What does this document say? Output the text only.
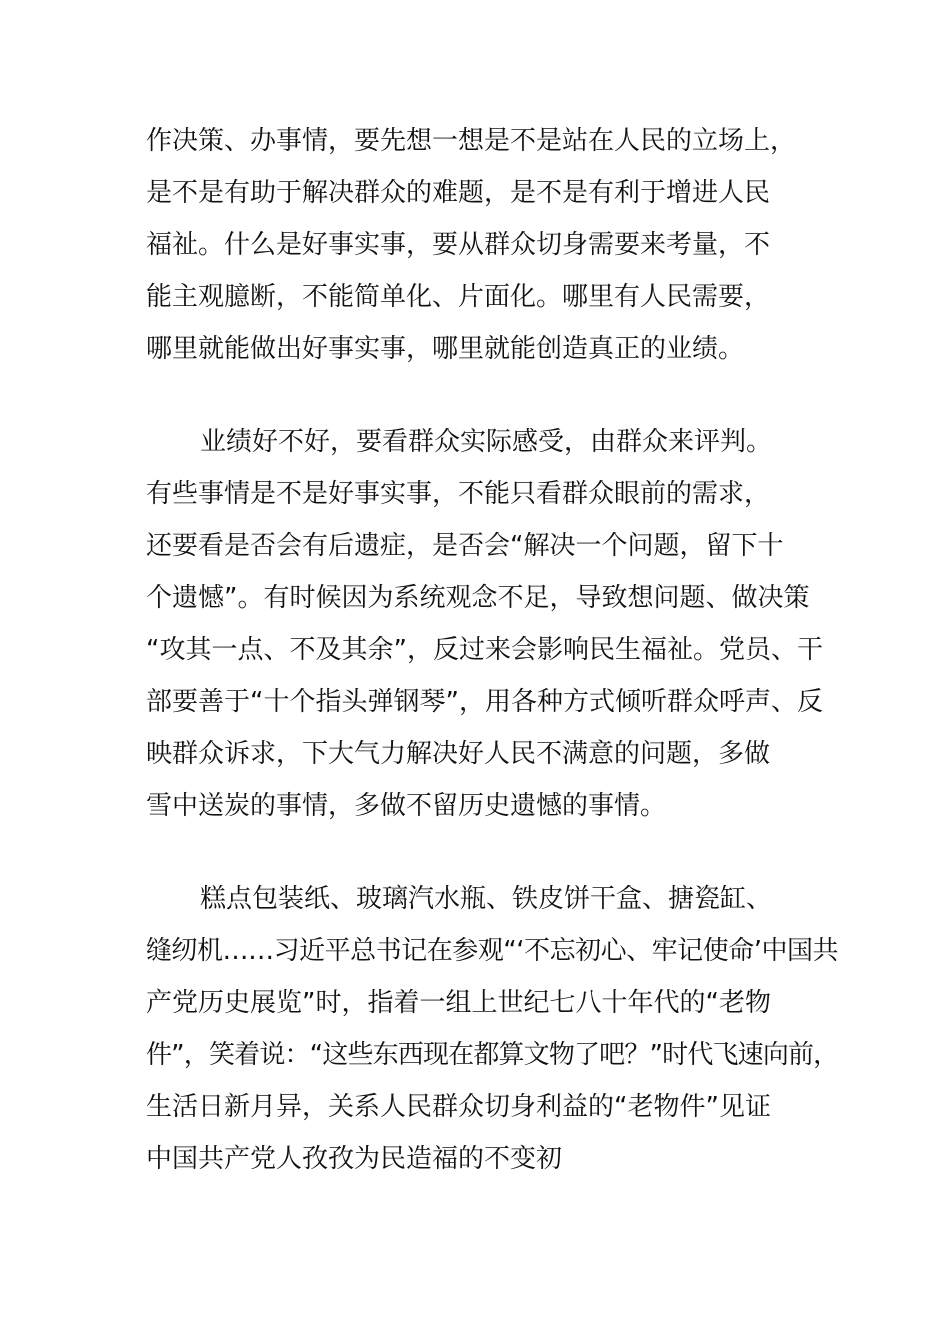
作决策、办事情，要先想一想是不是站在人民的立场上，
是不是有助于解决群众的难题，是不是有利于增进人民
福祉。什么是好事实事，要从群众切身需要来考量，不
能主观臆断，不能简单化、片面化。哪里有人民需要，
哪里就能做出好事实事，哪里就能创造真正的业绩。
业绩好不好，要看群众实际感受，由群众来评判。
有些事情是不是好事实事，不能只看群众眼前的需求，
还要看是否会有后遗症，是否会“解决一个问题，留下十
个遗憾”。有时候因为系统观念不足，导致想问题、做决策
“攻其一点、不及其余”，反过来会影响民生福祉。党员、干
部要善于“十个指头弹钢琴”，用各种方式倾听群众呼声、反
映群众诉求，下大气力解决好人民不满意的问题，多做
雪中送炭的事情，多做不留历史遗憾的事情。
糕点包装纸、玻璃汽水瓶、铁皮饼干盒、搪瓷缸、
缝纫机……习近平总书记在参观“‘不忘初心、牢记使命’中国共
产党历史展览”时，指着一组上世纪七八十年代的“老物
件”，笑着说：“这些东西现在都算文物了吧？”时代飞速向前，
生活日新月异，关系人民群众切身利益的“老物件”见证
中国共产党人孜孜为民造福的不变初
